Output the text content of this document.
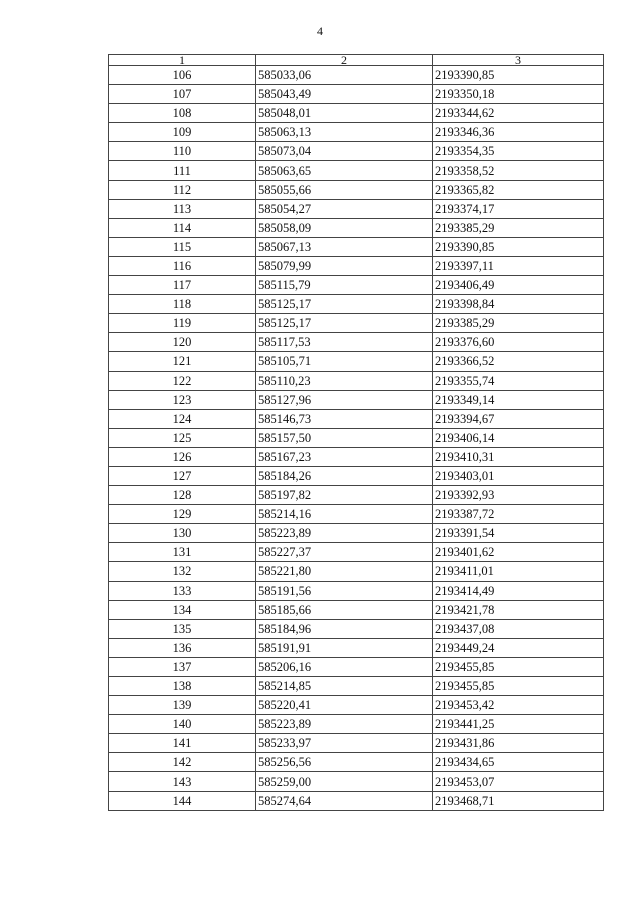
4
1	2	3
106	585033,06	2193390,85
107	585043,49	2193350,18
108	585048,01	2193344,62
109	585063,13	2193346,36
110	585073,04	2193354,35
111	585063,65	2193358,52
112	585055,66	2193365,82
113	585054,27	2193374,17
114	585058,09	2193385,29
115	585067,13	2193390,85
116	585079,99	2193397,11
117	585115,79	2193406,49
118	585125,17	2193398,84
119	585125,17	2193385,29
120	585117,53	2193376,60
121	585105,71	2193366,52
122	585110,23	2193355,74
123	585127,96	2193349,14
124	585146,73	2193394,67
125	585157,50	2193406,14
126	585167,23	2193410,31
127	585184,26	2193403,01
128	585197,82	2193392,93
129	585214,16	2193387,72
130	585223,89	2193391,54
131	585227,37	2193401,62
132	585221,80	2193411,01
133	585191,56	2193414,49
134	585185,66	2193421,78
135	585184,96	2193437,08
136	585191,91	2193449,24
137	585206,16	2193455,85
138	585214,85	2193455,85
139	585220,41	2193453,42
140	585223,89	2193441,25
141	585233,97	2193431,86
142	585256,56	2193434,65
143	585259,00	2193453,07
144	585274,64	2193468,71
